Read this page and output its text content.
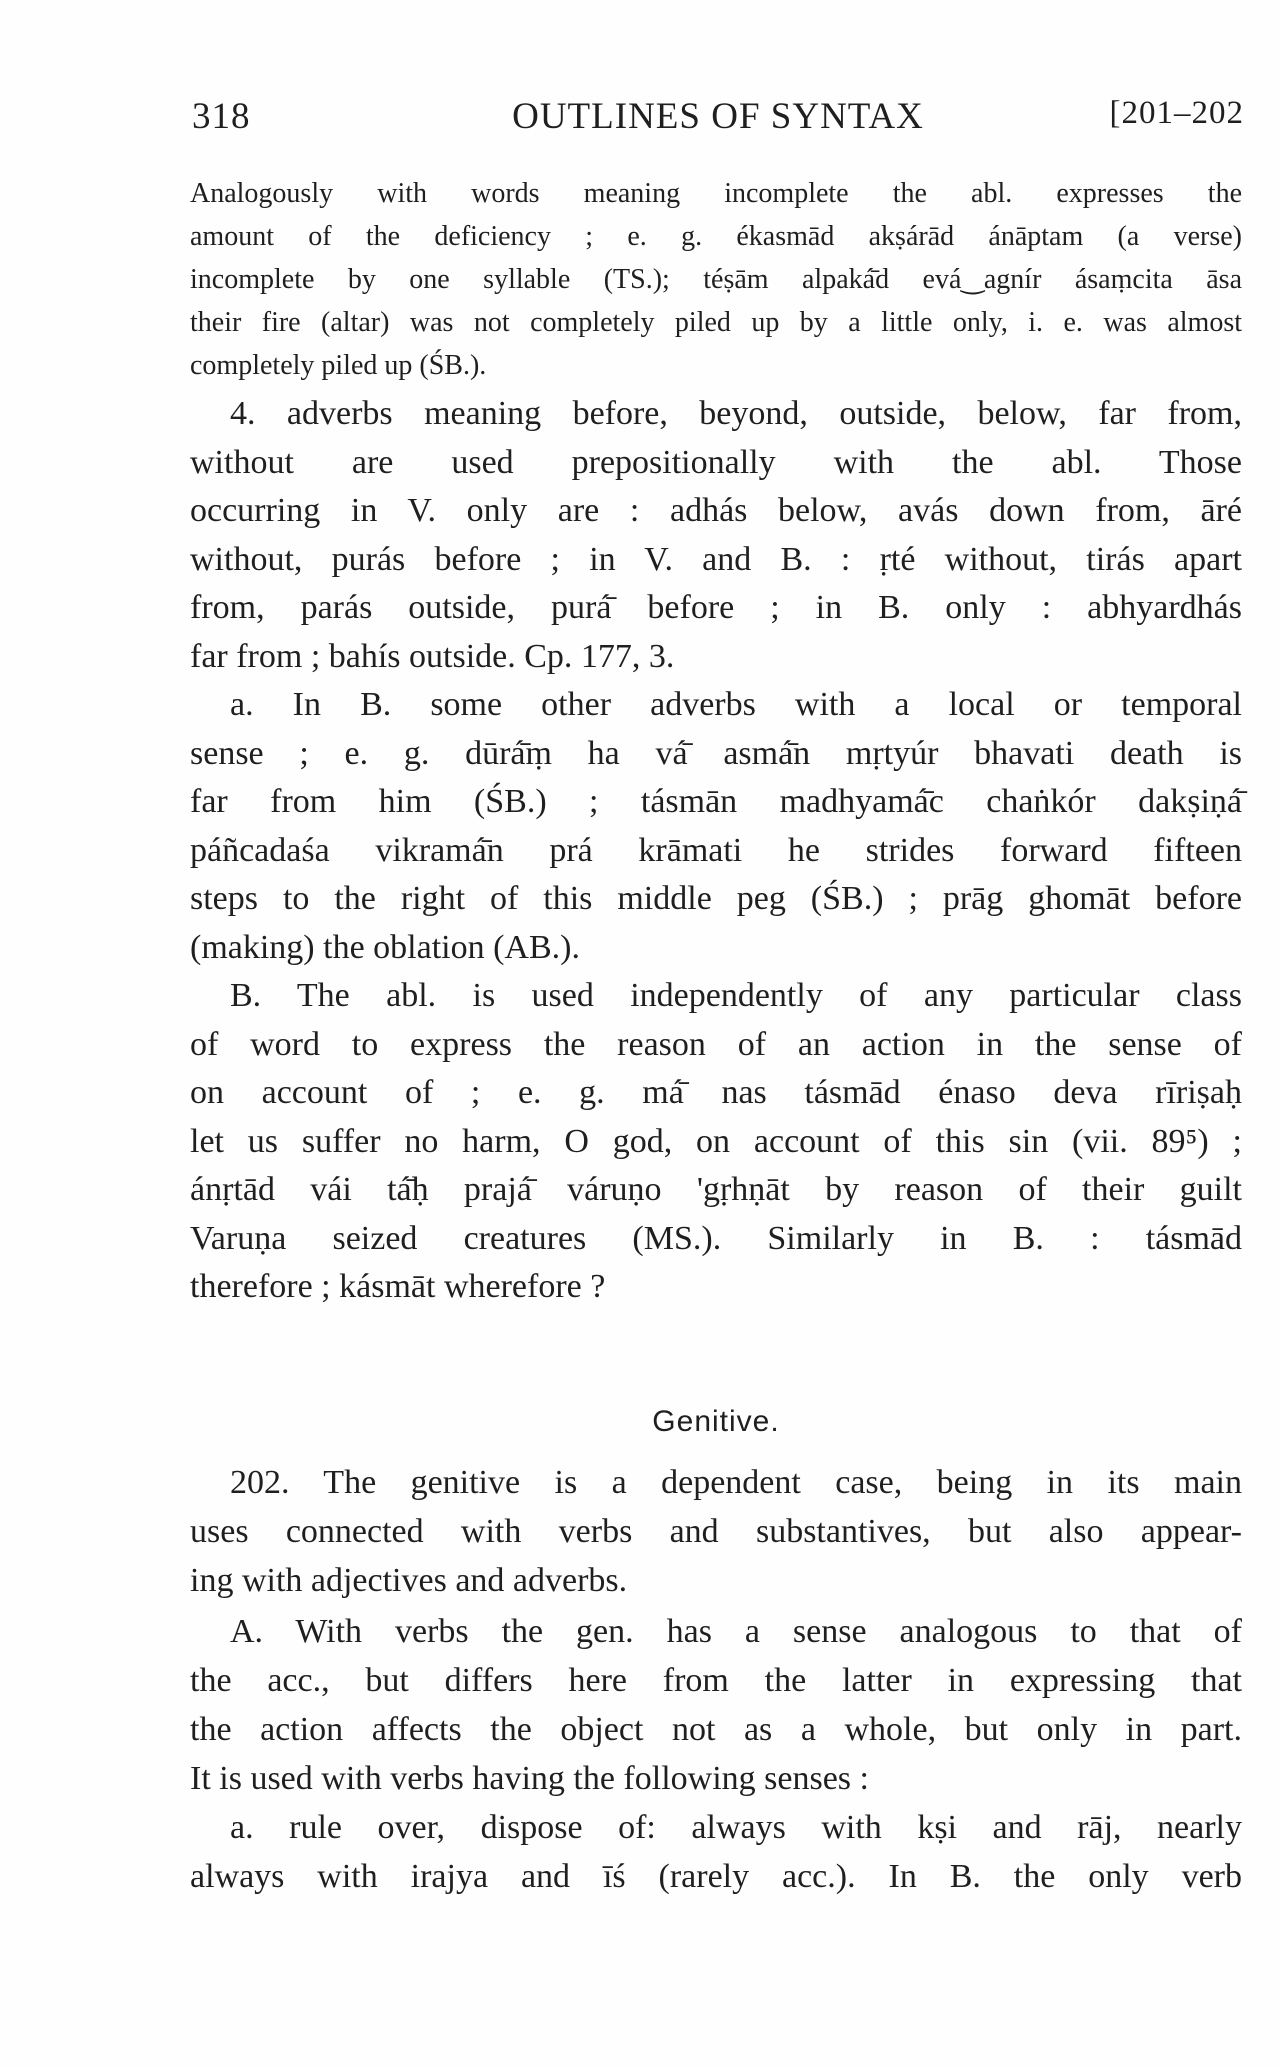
318	OUTLINES OF SYNTAX	[201–202
Analogously with words meaning incomplete the abl. expresses the
amount of the deficiency ; e. g. ékasmād akṣárād ánāptam (a verse)
incomplete by one syllable (TS.); téṣām alpaká̄d evá‿agnír ásaṃcita āsa
their fire (altar) was not completely piled up by a little only, i. e. was almost
completely piled up (ŚB.).
4. adverbs meaning before, beyond, outside, below, far from,
without are used prepositionally with the abl. Those
occurring in V. only are : adhás below, avás down from, āré
without, purás before ; in V. and B. : ṛté without, tirás apart
from, parás outside, purá̄ before ; in B. only : abhyardhás
far from ; bahís outside. Cp. 177, 3.
a. In B. some other adverbs with a local or temporal
sense ; e. g. dūrá̄ṃ ha vá̄ asmá̄n mṛtyúr bhavati death is
far from him (ŚB.) ; tásmān madhyamá̄c chaṅkór dakṣiṇá̄
páñcadaśa vikramá̄n prá krāmati he strides forward fifteen
steps to the right of this middle peg (ŚB.) ; prāg ghomāt before
(making) the oblation (AB.).
B. The abl. is used independently of any particular class
of word to express the reason of an action in the sense of
on account of ; e. g. má̄ nas tásmād énaso deva rīriṣaḥ
let us suffer no harm, O god, on account of this sin (vii. 89⁵) ;
ánṛtād vái tá̄ḥ prajá̄ váruṇo 'gṛhṇāt by reason of their guilt
Varuṇa seized creatures (MS.). Similarly in B. : tásmād
therefore ; kásmāt wherefore ?
Genitive.
202. The genitive is a dependent case, being in its main
uses connected with verbs and substantives, but also appear-
ing with adjectives and adverbs.
A. With verbs the gen. has a sense analogous to that of
the acc., but differs here from the latter in expressing that
the action affects the object not as a whole, but only in part.
It is used with verbs having the following senses :
a. rule over, dispose of: always with kṣi and rāj, nearly
always with irajya and īś (rarely acc.). In B. the only verb
